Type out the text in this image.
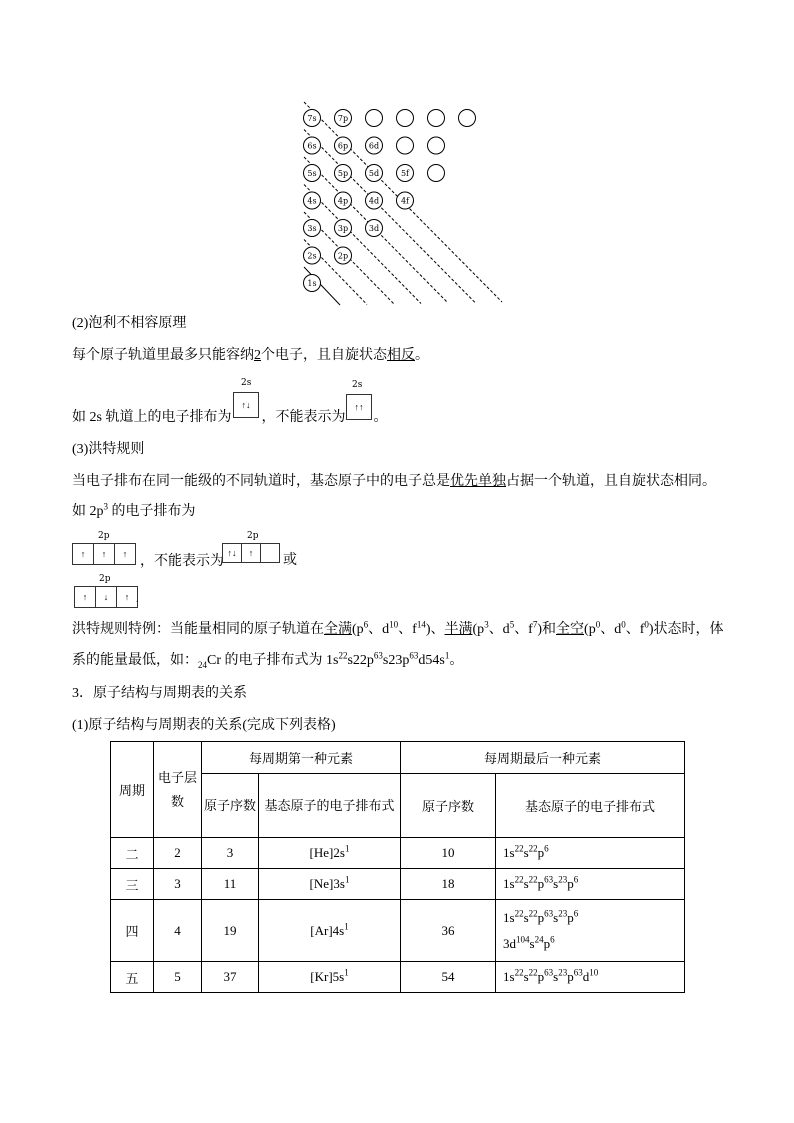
1s
2s	2p
3s	3p	3d
4s	4p	4d	4f
5s	5p	5d	5f
6s	6p	6d
7s	7p
(2)泡利不相容原理
每个原子轨道里最多只能容纳2个电子，且自旋状态相反。
如 2s 轨道上的电子排布为 ，不能表示为 。
2s
↑↓
2s
↑↑
(3)洪特规则
当电子排布在同一能级的不同轨道时，基态原子中的电子总是优先单独占据一个轨道，且自旋状态相同。
如 $2p^3$ 的电子排布为
2p
↑	↑	↑ ，不能表示为
2p
↑↓	↑	或
2p
↑	↓	↑ .
洪特规则特例：当能量相同的原子轨道在全满($p^6$、$d^{10}$、$f^{14}$)、半满($p^3$、$d^5$、$f^7$)和全空($p^0$、$d^0$、$f^0$)状态时，体
系的能量最低，如：$_{24}$Cr 的电子排布式为 $1s^{22}s22p^{63}s23p^{63}d54s^1$。
3．原子结构与周期表的关系
(1)原子结构与周期表的关系(完成下列表格)
周期	电子层数	每周期第一种元素		每周期最后一种元素	
		原子序数	基态原子的电子排布式	原子序数	基态原子的电子排布式
二	2	3	$[He]2s^1$	10	$1s^{22}s^{22}p^6$
三	3	11	$[Ne]3s^1$	18	$1s^{22}s^{22}p^{63}s^{23}p^6$
四	4	19	$[Ar]4s^1$	36	$1s^{22}s^{22}p^{63}s^{23}p^6$
$3d^{104}s^{24}p^6$
五	5	37	$[Kr]5s^1$	54	$1s^{22}s^{22}p^{63}s^{23}p^{63}d^{10}$
